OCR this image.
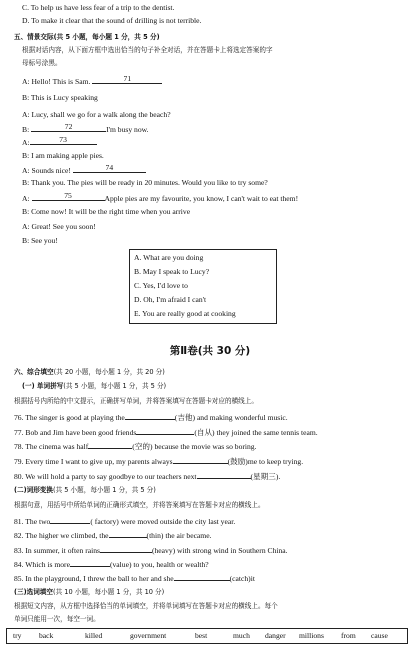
C. To help us have less fear of a trip to the dentist.
D. To make it clear that the sound of drilling is not terrible.
五、情景交际(共 5 小题，每小题 1 分，共 5 分)
根据对话内容，从下面方框中选出恰当的句子补全对话，并在答题卡上将选定答案的字
母标号涂黑。
A: Hello! This is Sam.	71
B: This is Lucy speaking
A: Lucy, shall we go for a walk along the beach?
B:	72	I'm busy now.
A:	73
B: I am making apple pies.
A: Sounds nice!	74
B: Thank you. The pies will be ready in 20 minutes. Would you like to try some?
A:	75	Apple pies are my favourite, you know, I can't wait to eat them!
B: Come now! It will be the right time when you arrive
A: Great! See you soon!
B: See you!
A. What are you doing
B. May I speak to Lucy?
C. Yes, I'd love to
D. Oh, I'm afraid I can't
E. You are really good at cooking
第Ⅱ卷(共 30 分)
六、综合填空(共 20 小题，每小题 1 分，共 20 分)
(一) 单词拼写(共 5 小题，每小题 1 分，共 5 分)
根据括号内所给的中文提示，正确拼写单词，并将答案填写在答题卡对应的横线上。
76. The singer is good at playing the	(吉他) and making wonderful music.
77. Bob and Jim have been good friends	(自从) they joined the same tennis team.
78. The cinema was half	(空的) because the movie was so boring.
79. Every time I want to give up, my parents always	(鼓励)me to keep trying.
80. We will hold a party to say goodbye to our teachers next	(星期三).
(二)词形变换(共 5 小题，每小题 1 分，共 5 分)
根据句意，用括号中所给单词的正确形式填空，并将答案填写在答题卡对应的横线上。
81. The two	( factory) were moved outside the city last year.
82. The higher we climbed, the	(thin) the air became.
83. In summer, it often rains	(heavy) with strong wind in Southern China.
84. Which is more	(value) to you, health or wealth?
85. In the playground, I threw the ball to her and she	(catch)it
(三)选词填空(共 10 小题，每小题 1 分，共 10 分)
根据短文内容，从方框中选择恰当的单词填空，并将单词填写在答题卡对应的横线上。每个
单词只能用一次，每空一词。
try back	killed	government	best	much danger millions from cause
